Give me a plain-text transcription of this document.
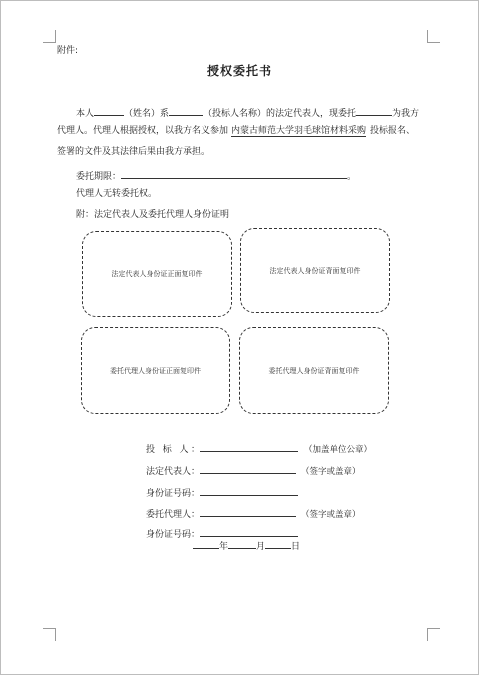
附件:
授权委托书
本人	（姓名）系	（投标人名称）的法定代表人，现委托	为我方
代理人。代理人根据授权，以我方名义参加 内蒙古师范大学羽毛球馆材料采购 投标报名、
签署的文件及其法律后果由我方承担。
委托期限：	。
代理人无转委托权。
附：法定代表人及委托代理人身份证明
法定代表人身份证正面复印件	法定代表人身份证背面复印件
委托代理人身份证正面复印件	委托代理人身份证背面复印件
投 标 人：	（加盖单位公章）
法定代表人：	（签字或盖章）
身份证号码：
委托代理人：	（签字或盖章）
身份证号码：
年	月	日
